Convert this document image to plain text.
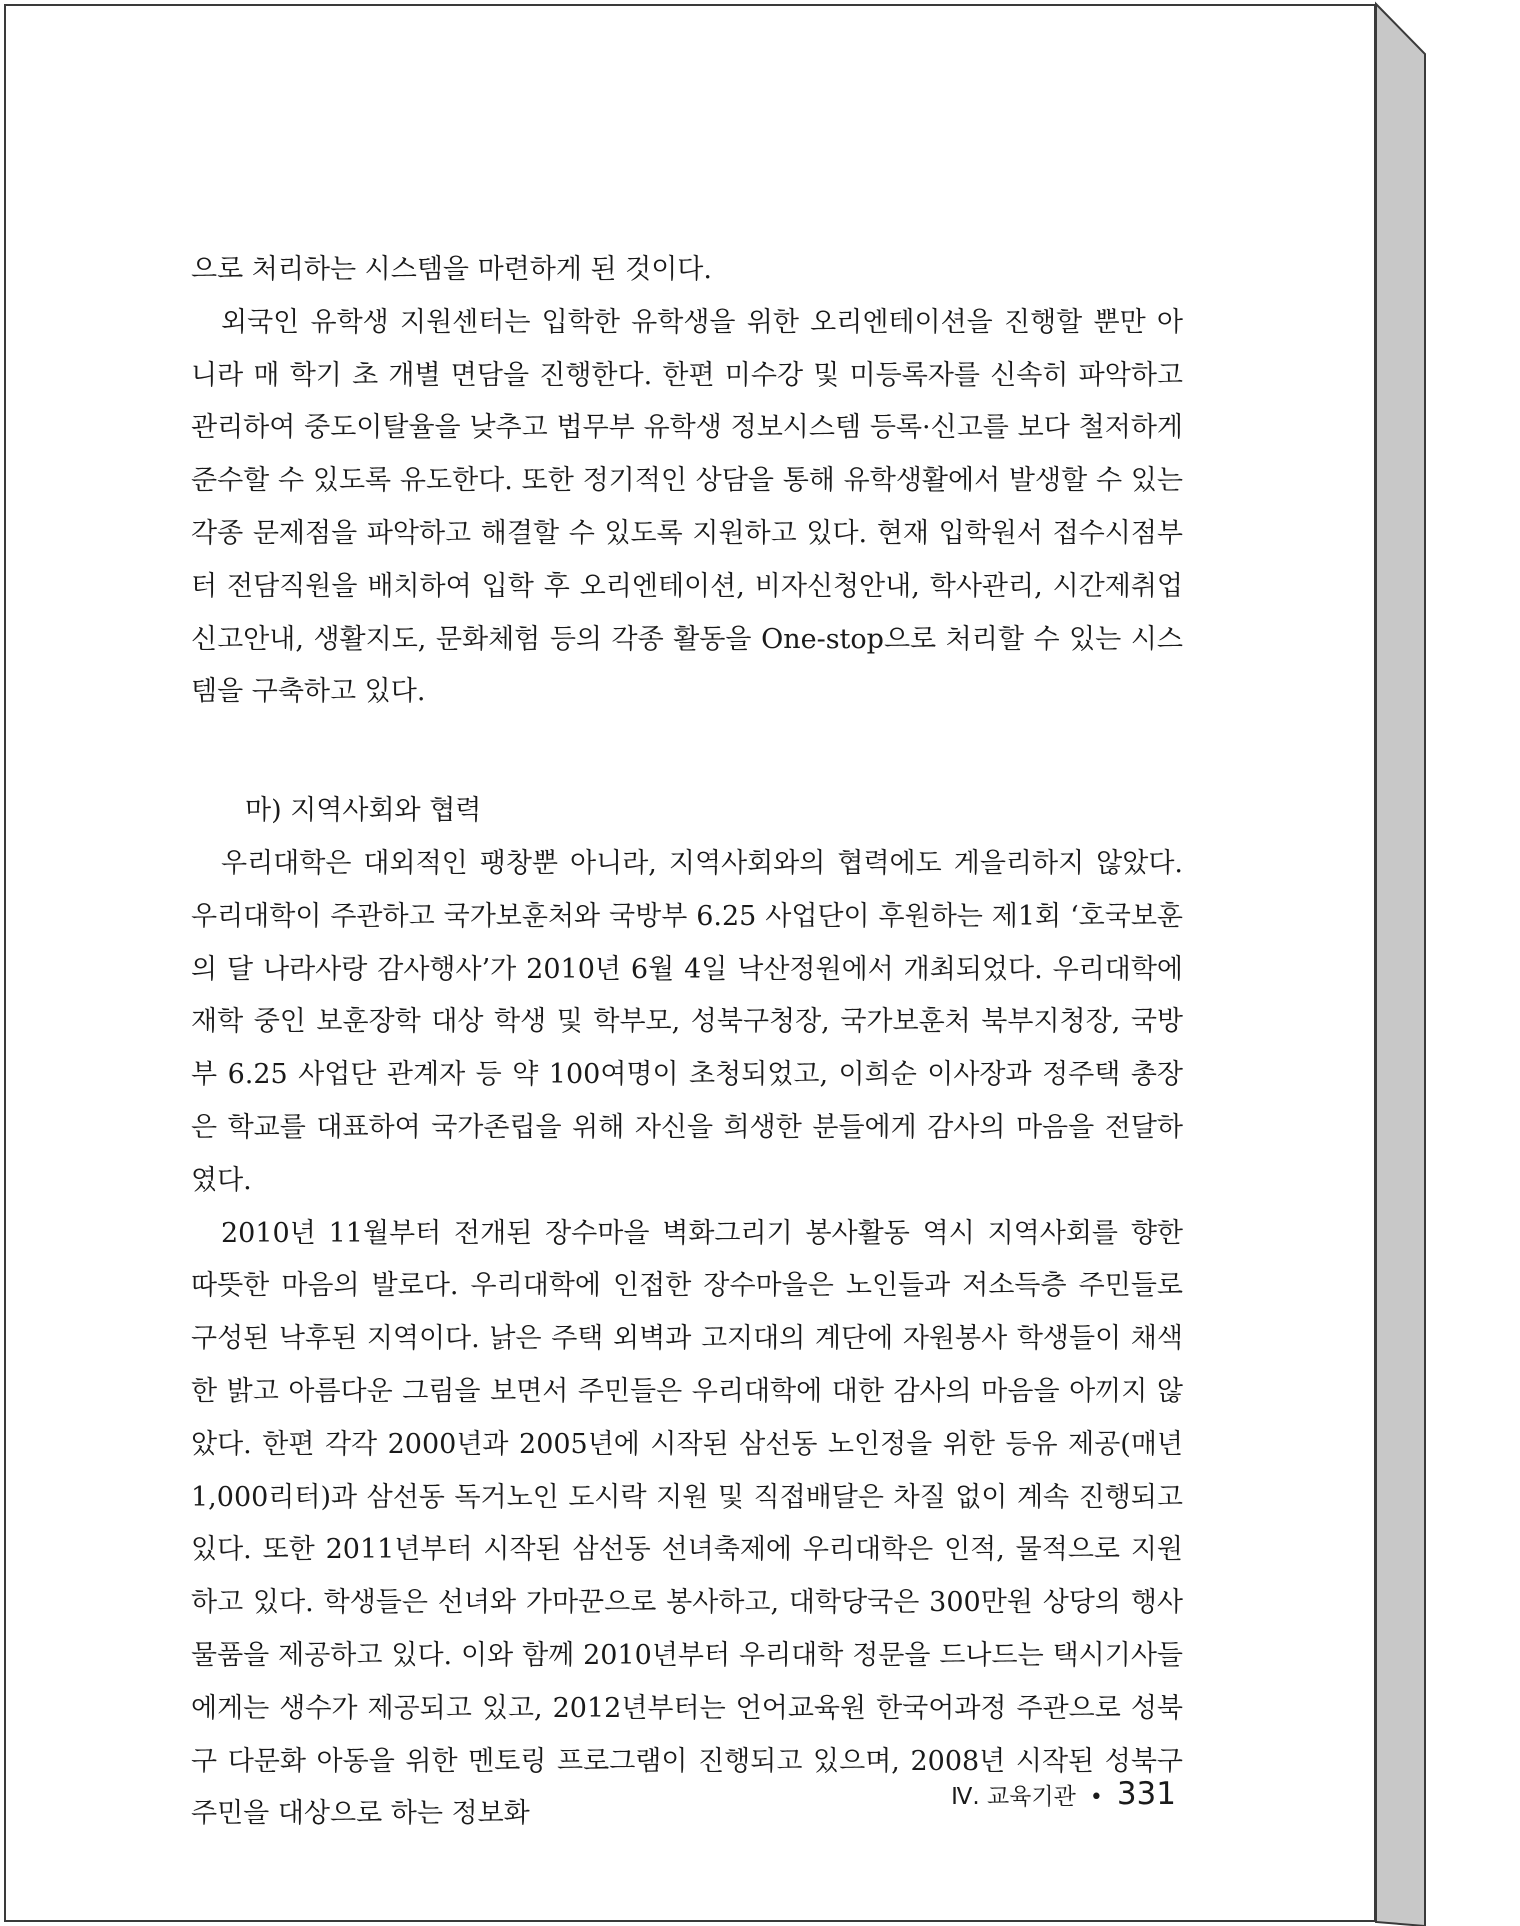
으로 처리하는 시스템을 마련하게 된 것이다.

외국인 유학생 지원센터는 입학한 유학생을 위한 오리엔테이션을 진행할 뿐만 아니라 매 학기 초 개별 면담을 진행한다. 한편 미수강 및 미등록자를 신속히 파악하고 관리하여 중도이탈율을 낮추고 법무부 유학생 정보시스템 등록·신고를 보다 철저하게 준수할 수 있도록 유도한다. 또한 정기적인 상담을 통해 유학생활에서 발생할 수 있는 각종 문제점을 파악하고 해결할 수 있도록 지원하고 있다. 현재 입학원서 접수시점부터 전담직원을 배치하여 입학 후 오리엔테이션, 비자신청안내, 학사관리, 시간제취업 신고안내, 생활지도, 문화체험 등의 각종 활동을 One-stop으로 처리할 수 있는 시스템을 구축하고 있다.

마) 지역사회와 협력

우리대학은 대외적인 팽창뿐 아니라, 지역사회와의 협력에도 게을리하지 않았다. 우리대학이 주관하고 국가보훈처와 국방부 6.25 사업단이 후원하는 제1회 ‘호국보훈의 달 나라사랑 감사행사’가 2010년 6월 4일 낙산정원에서 개최되었다. 우리대학에 재학 중인 보훈장학 대상 학생 및 학부모, 성북구청장, 국가보훈처 북부지청장, 국방부 6.25 사업단 관계자 등 약 100여명이 초청되었고, 이희순 이사장과 정주택 총장은 학교를 대표하여 국가존립을 위해 자신을 희생한 분들에게 감사의 마음을 전달하였다.

2010년 11월부터 전개된 장수마을 벽화그리기 봉사활동 역시 지역사회를 향한 따뜻한 마음의 발로다. 우리대학에 인접한 장수마을은 노인들과 저소득층 주민들로 구성된 낙후된 지역이다. 낡은 주택 외벽과 고지대의 계단에 자원봉사 학생들이 채색한 밝고 아름다운 그림을 보면서 주민들은 우리대학에 대한 감사의 마음을 아끼지 않았다. 한편 각각 2000년과 2005년에 시작된 삼선동 노인정을 위한 등유 제공(매년 1,000리터)과 삼선동 독거노인 도시락 지원 및 직접배달은 차질 없이 계속 진행되고 있다. 또한 2011년부터 시작된 삼선동 선녀축제에 우리대학은 인적, 물적으로 지원하고 있다. 학생들은 선녀와 가마꾼으로 봉사하고, 대학당국은 300만원 상당의 행사물품을 제공하고 있다. 이와 함께 2010년부터 우리대학 정문을 드나드는 택시기사들에게는 생수가 제공되고 있고, 2012년부터는 언어교육원 한국어과정 주관으로 성북구 다문화 아동을 위한 멘토링 프로그램이 진행되고 있으며, 2008년 시작된 성북구 주민을 대상으로 하는 정보화

Ⅳ. 교육기관 • 331
